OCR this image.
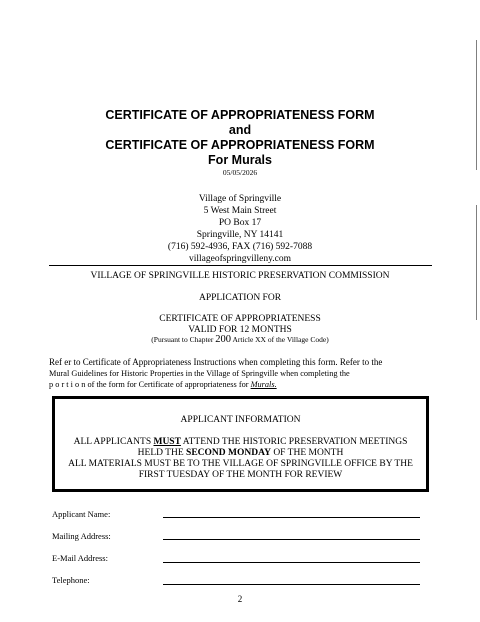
CERTIFICATE OF APPROPRIATENESS FORM
and
CERTIFICATE OF APPROPRIATENESS FORM
For Murals
05/05/2026
Village of Springville
5 West Main Street
PO Box 17
Springville, NY 14141
(716) 592-4936, FAX (716) 592-7088
villageofspringvilleny.com
VILLAGE OF SPRINGVILLE HISTORIC PRESERVATION COMMISSION
APPLICATION FOR
CERTIFICATE OF APPROPRIATENESS
VALID FOR 12 MONTHS
(Pursuant to Chapter 200 Article XX of the Village Code)
Ref er to Certificate of Appropriateness Instructions when completing this form. Refer to the
Mural Guidelines for Historic Properties in the Village of Springville when completing the
p o r t i o n of the form for Certificate of appropriateness for Murals.
APPLICANT INFORMATION
ALL APPLICANTS MUST ATTEND THE HISTORIC PRESERVATION MEETINGS
HELD THE SECOND MONDAY OF THE MONTH
ALL MATERIALS MUST BE TO THE VILLAGE OF SPRINGVILLE OFFICE BY THE
FIRST TUESDAY OF THE MONTH FOR REVIEW
Applicant Name:
Mailing Address:
E-Mail Address:
Telephone:
2
